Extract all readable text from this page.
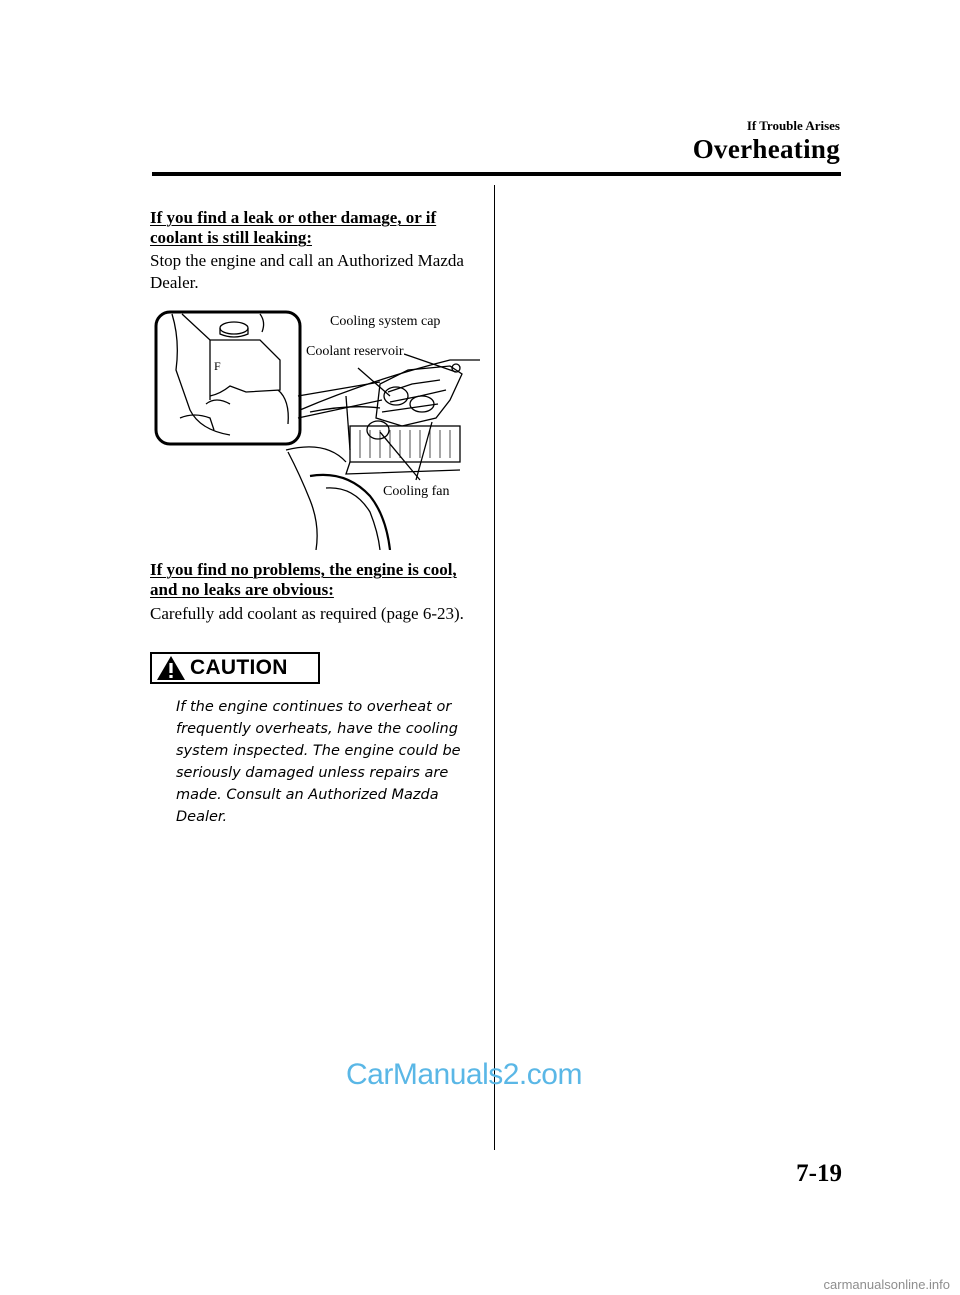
If Trouble Arises
Overheating
If you find a leak or other damage, or if coolant is still leaking:
Stop the engine and call an Authorized Mazda Dealer.
F
Cooling system cap
Coolant reservoir
Cooling fan
If you find no problems, the engine is cool, and no leaks are obvious:
Carefully add coolant as required (page 6-23).
CAUTION
If the engine continues to overheat or frequently overheats, have the cooling system inspected. The engine could be seriously damaged unless repairs are made. Consult an Authorized Mazda Dealer.
CarManuals2.com
7-19
carmanualsonline.info
